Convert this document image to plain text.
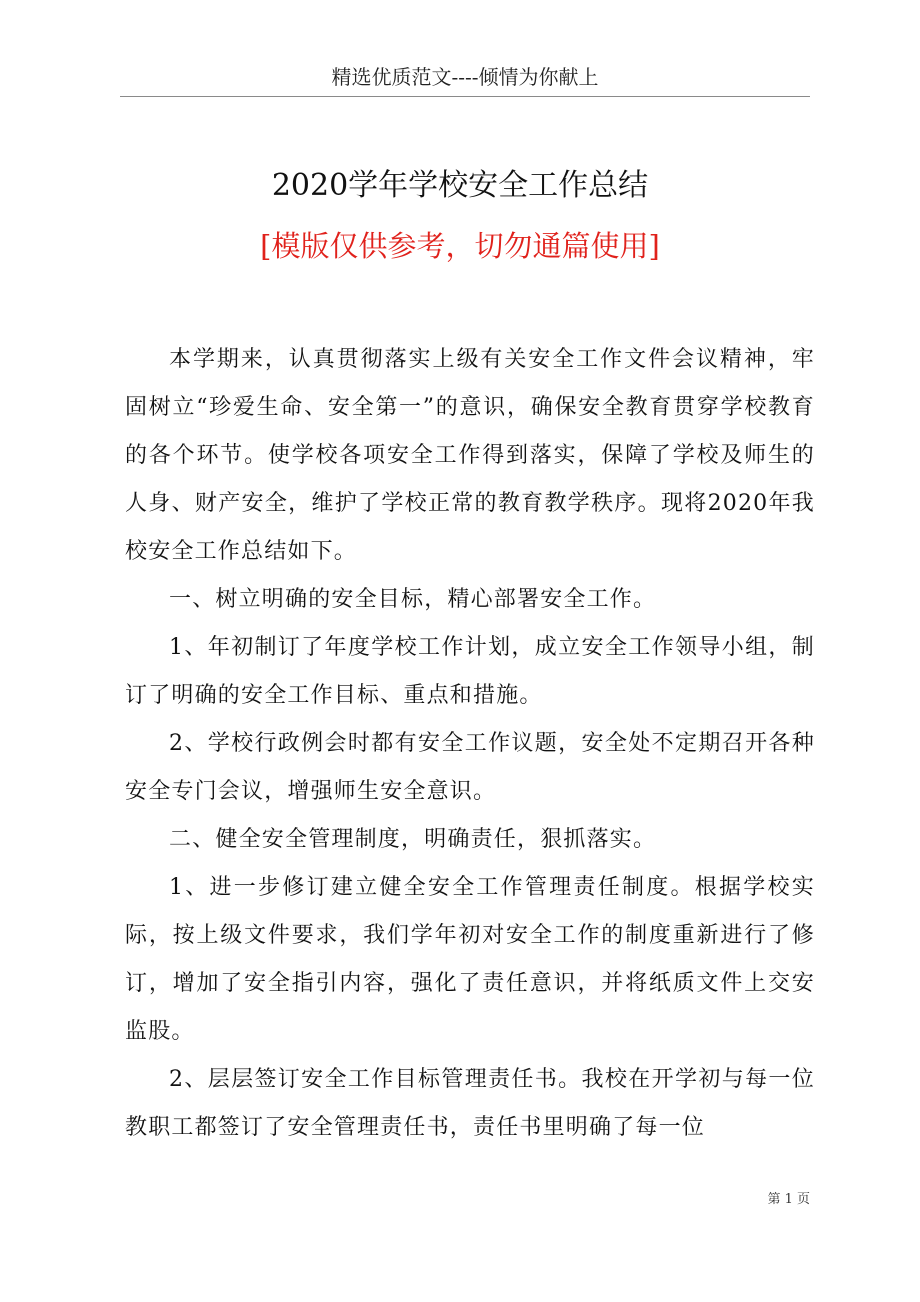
精选优质范文----倾情为你献上
2020学年学校安全工作总结
[模版仅供参考，切勿通篇使用]

本学期来，认真贯彻落实上级有关安全工作文件会议精神，牢固树立“珍爱生命、安全第一”的意识，确保安全教育贯穿学校教育的各个环节。使学校各项安全工作得到落实，保障了学校及师生的人身、财产安全，维护了学校正常的教育教学秩序。现将2020年我校安全工作总结如下。

一、树立明确的安全目标，精心部署安全工作。

1、年初制订了年度学校工作计划，成立安全工作领导小组，制订了明确的安全工作目标、重点和措施。

2、学校行政例会时都有安全工作议题，安全处不定期召开各种安全专门会议，增强师生安全意识。

二、健全安全管理制度，明确责任，狠抓落实。

1、进一步修订建立健全安全工作管理责任制度。根据学校实际，按上级文件要求，我们学年初对安全工作的制度重新进行了修订，增加了安全指引内容，强化了责任意识，并将纸质文件上交安监股。

2、层层签订安全工作目标管理责任书。我校在开学初与每一位教职工都签订了安全管理责任书，责任书里明确了每一位

第 1 页
